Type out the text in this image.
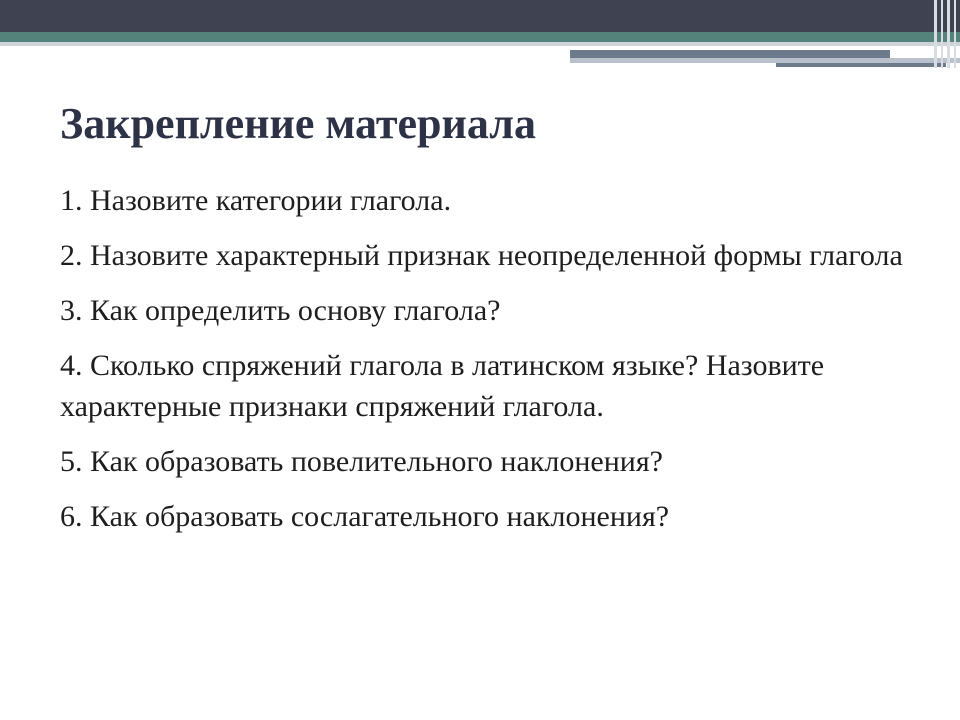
Закрепление материала
1. Назовите категории глагола.
2. Назовите характерный признак неопределенной формы глагола
3. Как определить основу глагола?
4. Сколько спряжений глагола в латинском языке? Назовите характерные признаки спряжений глагола.
5. Как образовать повелительного наклонения?
6. Как образовать сослагательного наклонения?
